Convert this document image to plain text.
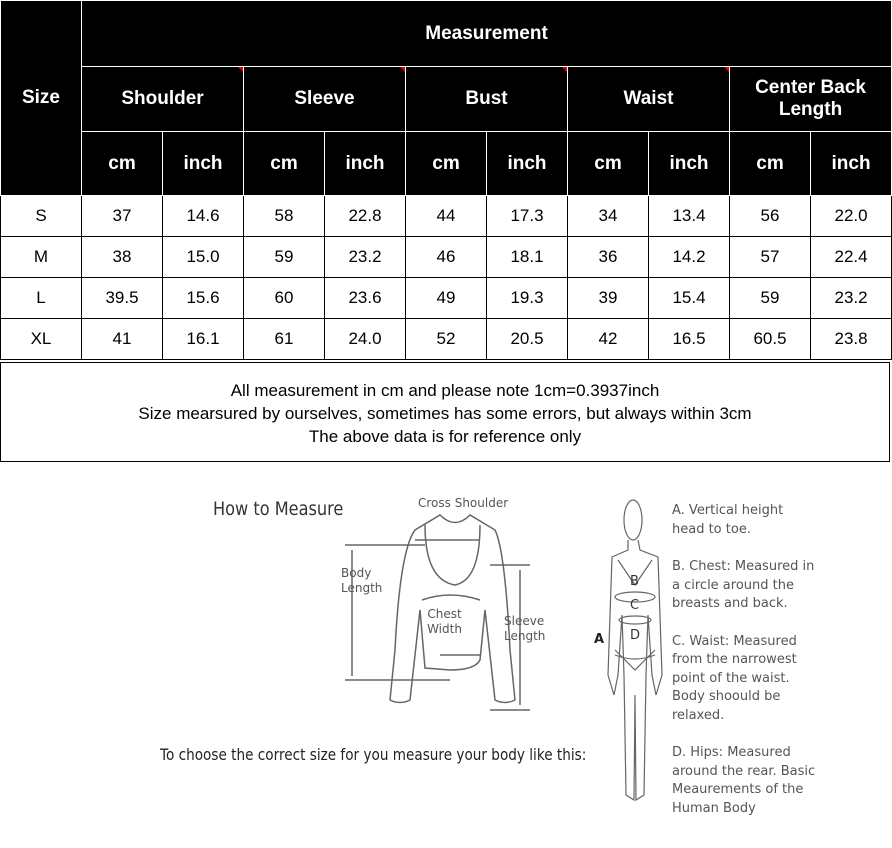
Size	Measurement									
	Shoulder		Sleeve		Bust		Waist		Center Back Length	
	cm	inch	cm	inch	cm	inch	cm	inch	cm	inch
S	37	14.6	58	22.8	44	17.3	34	13.4	56	22.0
M	38	15.0	59	23.2	46	18.1	36	14.2	57	22.4
L	39.5	15.6	60	23.6	49	19.3	39	15.4	59	23.2
XL	41	16.1	61	24.0	52	20.5	42	16.5	60.5	23.8
All measurement in cm and please note 1cm=0.3937inch
Size mearsured by ourselves, sometimes has some errors, but always within 3cm
The above data is for reference only
How to Measure	Cross Shoulder
Body Length
Chest Width
Sleeve Length
To choose the correct size for you measure your body like this:
B
C
D
A
A. Vertical height head to toe.
B. Chest: Measured in a circle around the breasts and back.
C. Waist: Measured from the narrowest point of the waist. Body shoould be relaxed.
D. Hips: Measured around the rear. Basic Meaurements of the Human Body
